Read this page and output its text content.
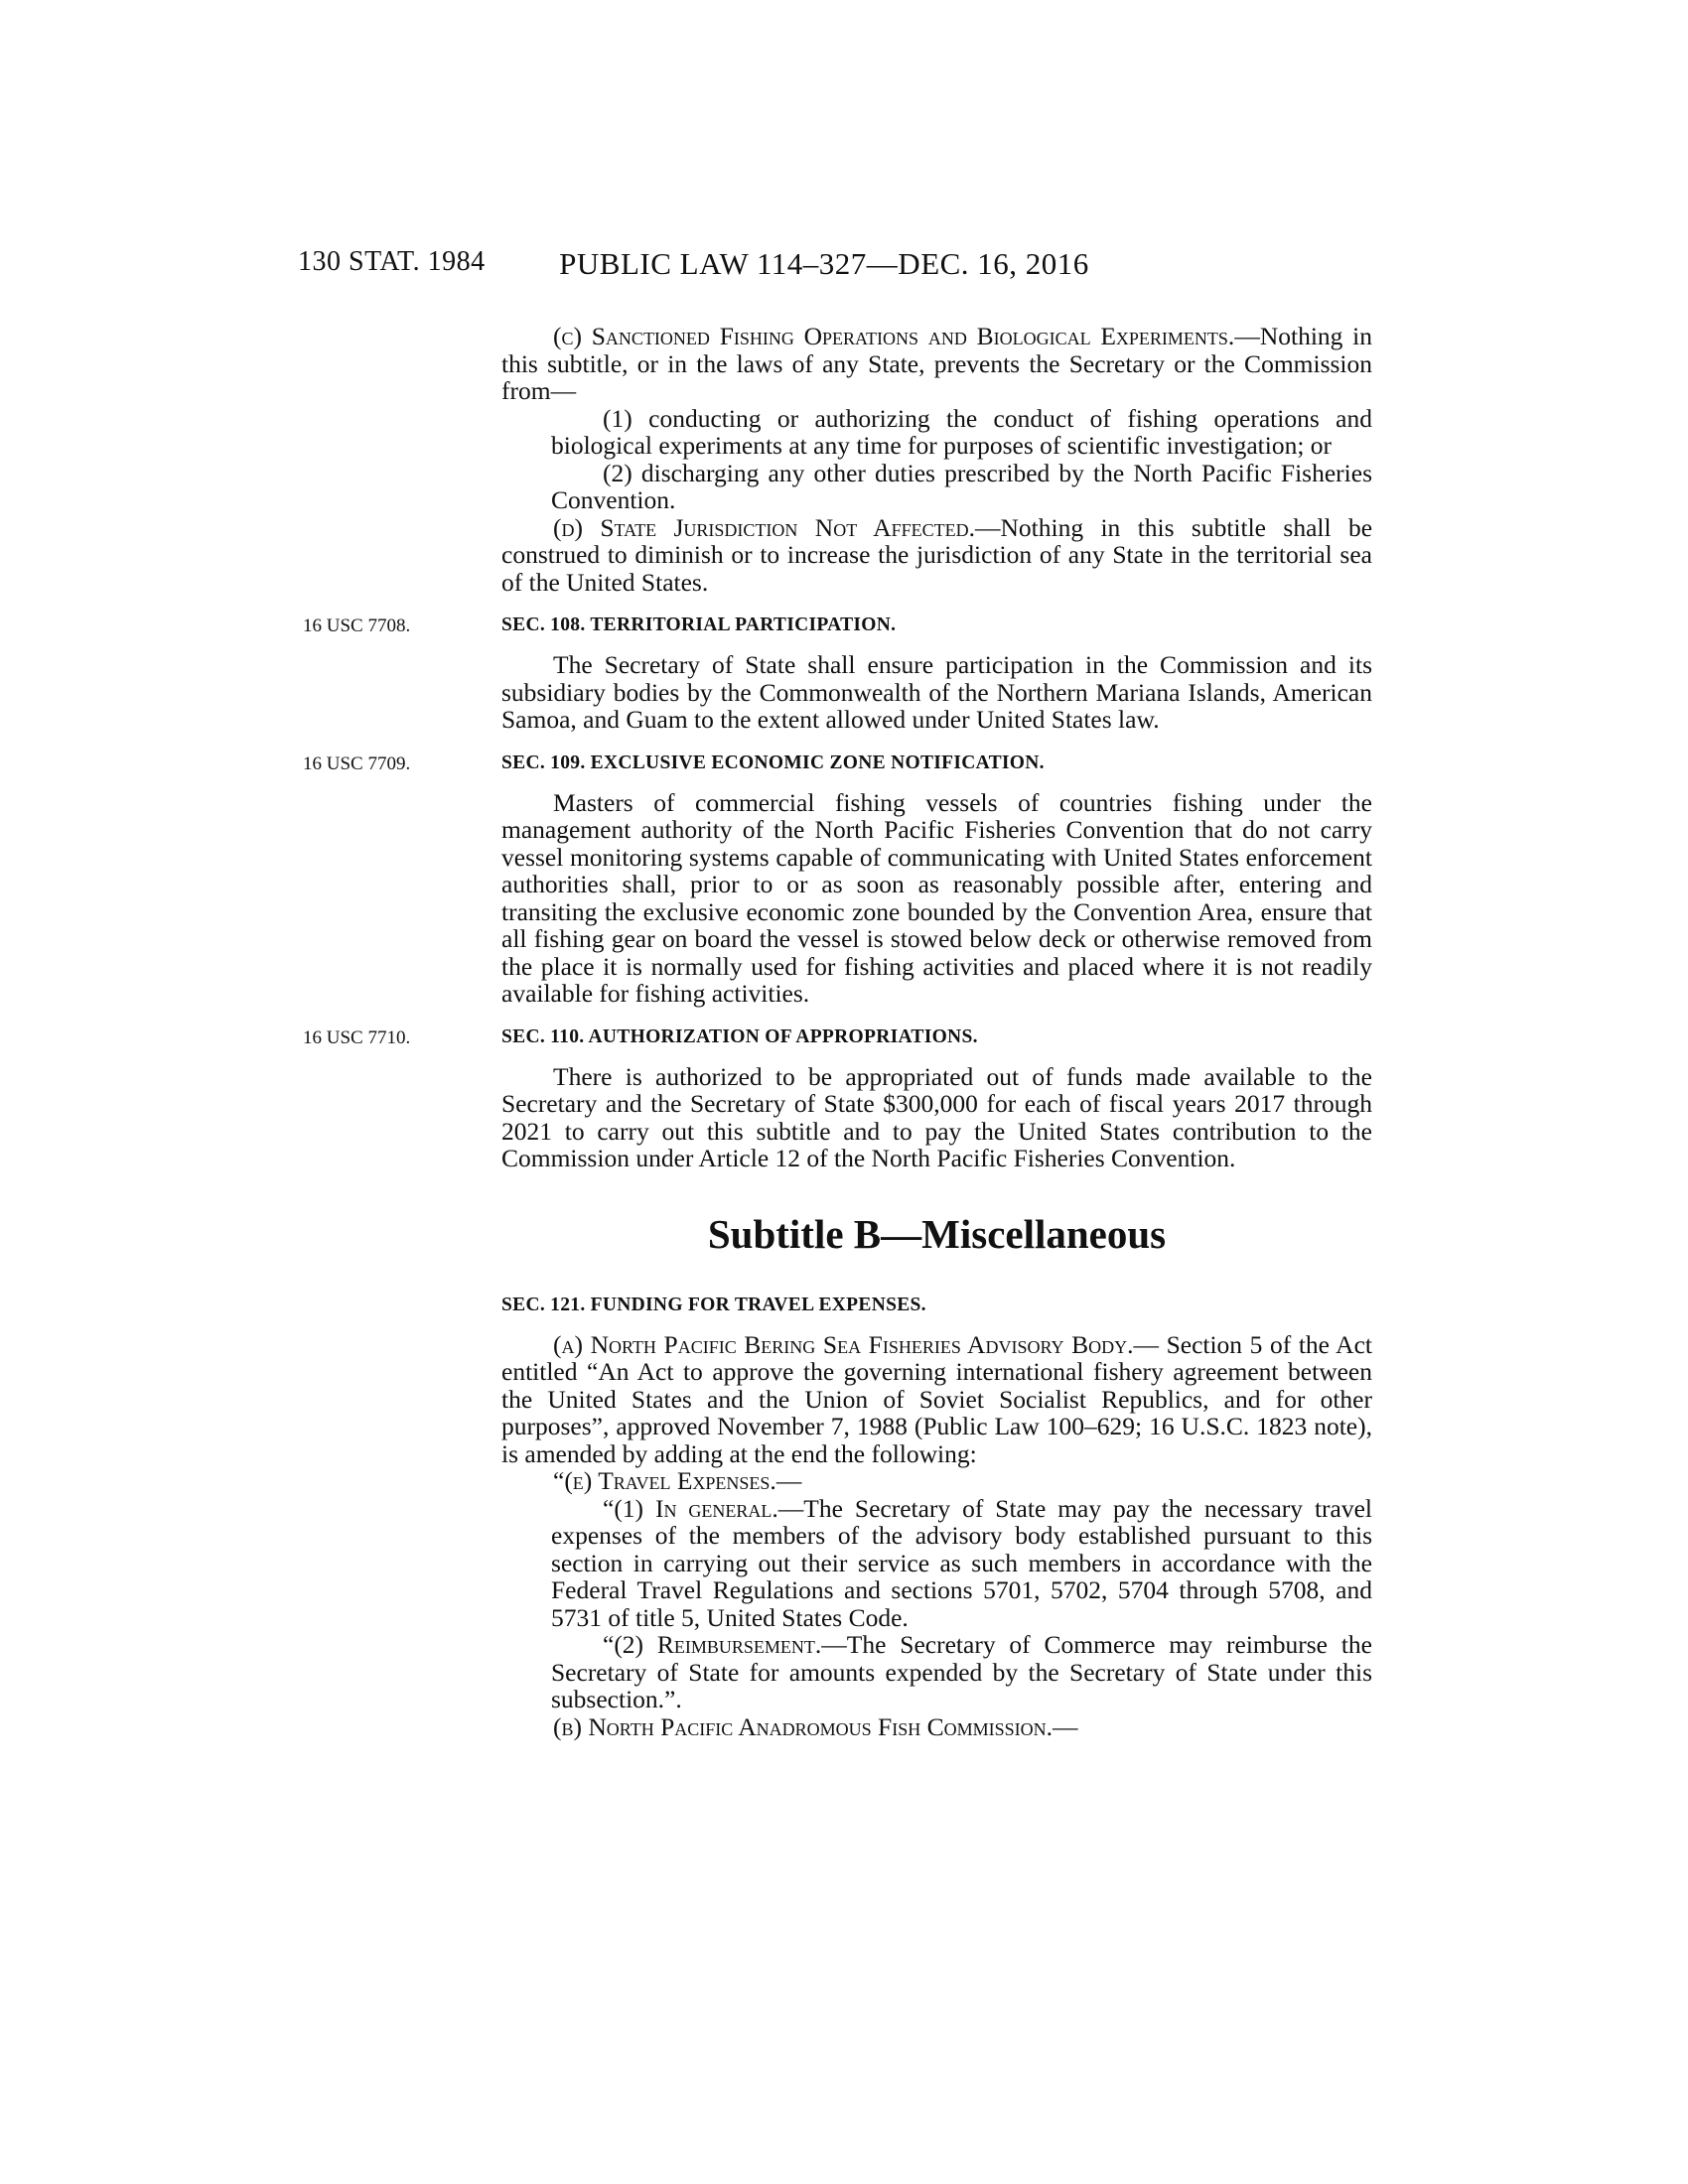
130 STAT. 1984	PUBLIC LAW 114–327—DEC. 16, 2016

(c) Sanctioned Fishing Operations and Biological Experiments.—Nothing in this subtitle, or in the laws of any State, prevents the Secretary or the Commission from—

(1) conducting or authorizing the conduct of fishing operations and biological experiments at any time for purposes of scientific investigation; or

(2) discharging any other duties prescribed by the North Pacific Fisheries Convention.

(d) State Jurisdiction Not Affected.—Nothing in this subtitle shall be construed to diminish or to increase the jurisdiction of any State in the territorial sea of the United States.

16 USC 7708.	SEC. 108. TERRITORIAL PARTICIPATION.

The Secretary of State shall ensure participation in the Commission and its subsidiary bodies by the Commonwealth of the Northern Mariana Islands, American Samoa, and Guam to the extent allowed under United States law.

16 USC 7709.	SEC. 109. EXCLUSIVE ECONOMIC ZONE NOTIFICATION.

Masters of commercial fishing vessels of countries fishing under the management authority of the North Pacific Fisheries Convention that do not carry vessel monitoring systems capable of communicating with United States enforcement authorities shall, prior to or as soon as reasonably possible after, entering and transiting the exclusive economic zone bounded by the Convention Area, ensure that all fishing gear on board the vessel is stowed below deck or otherwise removed from the place it is normally used for fishing activities and placed where it is not readily available for fishing activities.

16 USC 7710.	SEC. 110. AUTHORIZATION OF APPROPRIATIONS.

There is authorized to be appropriated out of funds made available to the Secretary and the Secretary of State $300,000 for each of fiscal years 2017 through 2021 to carry out this subtitle and to pay the United States contribution to the Commission under Article 12 of the North Pacific Fisheries Convention.

Subtitle B—Miscellaneous
SEC. 121. FUNDING FOR TRAVEL EXPENSES.

(a) North Pacific Bering Sea Fisheries Advisory Body.— Section 5 of the Act entitled “An Act to approve the governing international fishery agreement between the United States and the Union of Soviet Socialist Republics, and for other purposes”, approved November 7, 1988 (Public Law 100–629; 16 U.S.C. 1823 note), is amended by adding at the end the following:

“(e) Travel Expenses.—

“(1) In general.—The Secretary of State may pay the necessary travel expenses of the members of the advisory body established pursuant to this section in carrying out their service as such members in accordance with the Federal Travel Regulations and sections 5701, 5702, 5704 through 5708, and 5731 of title 5, United States Code.

“(2) Reimbursement.—The Secretary of Commerce may reimburse the Secretary of State for amounts expended by the Secretary of State under this subsection.”.

(b) North Pacific Anadromous Fish Commission.—
